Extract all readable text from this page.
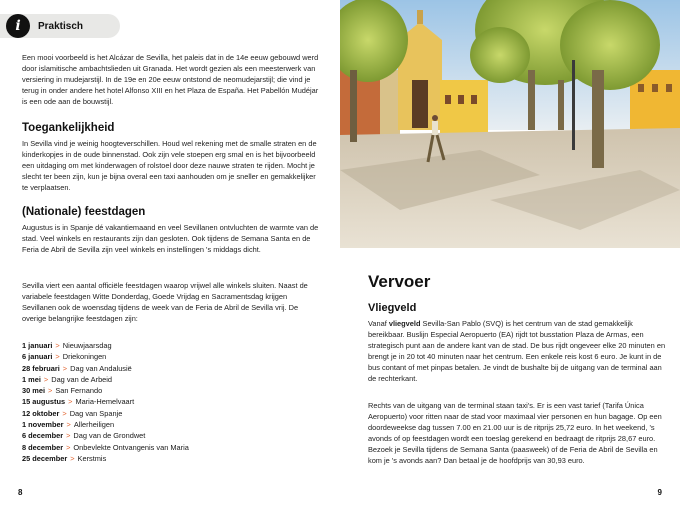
i	Praktisch
Een mooi voorbeeld is het Alcázar de Sevilla, het paleis dat in de 14e eeuw gebouwd werd door islamitische ambachtslieden uit Granada. Het wordt gezien als een meesterwerk van versiering in mudejarstijl. In de 19e en 20e eeuw ontstond de neomudejarstijl; die vind je terug in onder andere het hotel Alfonso XIII en het Plaza de España. Het Pabellón Mudéjar is een ode aan de bouwstijl.
Toegankelijkheid
In Sevilla vind je weinig hoogteverschillen. Houd wel rekening met de smalle straten en de kinderkopjes in de oude binnenstad. Ook zijn vele stoepen erg smal en is het bijvoorbeeld een uitdaging om met kinderwagen of rolstoel door deze nauwe straten te rijden. Mocht je slecht ter been zijn, kun je bijna overal een taxi aanhouden om je sneller en gemakkelijker te verplaatsen.
(Nationale) feestdagen
Augustus is in Spanje dé vakantiemaand en veel Sevillanen ontvluchten de warmte van de stad. Veel winkels en restaurants zijn dan gesloten. Ook tijdens de Semana Santa en de Feria de Abril de Sevilla zijn veel winkels en instellingen 's middags dicht.
Sevilla viert een aantal officiële feestdagen waarop vrijwel alle winkels sluiten. Naast de variabele feestdagen Witte Donderdag, Goede Vrijdag en Sacramentsdag krijgen Sevillanen ook de woensdag tijdens de week van de Feria de Abril de Sevilla vrij. De overige belangrijke feestdagen zijn:
1 januari > Nieuwjaarsdag
6 januari > Driekoningen
28 februari > Dag van Andalusië
1 mei > Dag van de Arbeid
30 mei > San Fernando
15 augustus > Maria-Hemelvaart
12 oktober > Dag van Spanje
1 november > Allerheiligen
6 december > Dag van de Grondwet
8 december > Onbevlekte Ontvangenis van Maria
25 december > Kerstmis
8
Vervoer
Vliegveld
Vanaf vliegveld Sevilla-San Pablo (SVQ) is het centrum van de stad gemakkelijk bereikbaar. Buslijn Especial Aeropuerto (EA) rijdt tot busstation Plaza de Armas, een strategisch punt aan de andere kant van de stad. De bus rijdt ongeveer elke 20 minuten en brengt je in 20 tot 40 minuten naar het centrum. Een enkele reis kost 6 euro. Je kunt in de bus contant of met pinpas betalen. Je vindt de bushalte bij de uitgang van de terminal aan de rechterkant.
Rechts van de uitgang van de terminal staan taxi's. Er is een vast tarief (Tarifa Única Aeropuerto) voor ritten naar de stad voor maximaal vier personen en hun bagage. Op een doordeweekse dag tussen 7.00 en 21.00 uur is de ritprijs 25,72 euro. In het weekend, 's avonds of op feestdagen wordt een toeslag gerekend en bedraagt de ritprijs 28,67 euro. Bezoek je Sevilla tijdens de Semana Santa (paasweek) of de Feria de Abril de Sevilla en kom je 's avonds aan? Dan betaal je de hoofdprijs van 30,93 euro.
9
